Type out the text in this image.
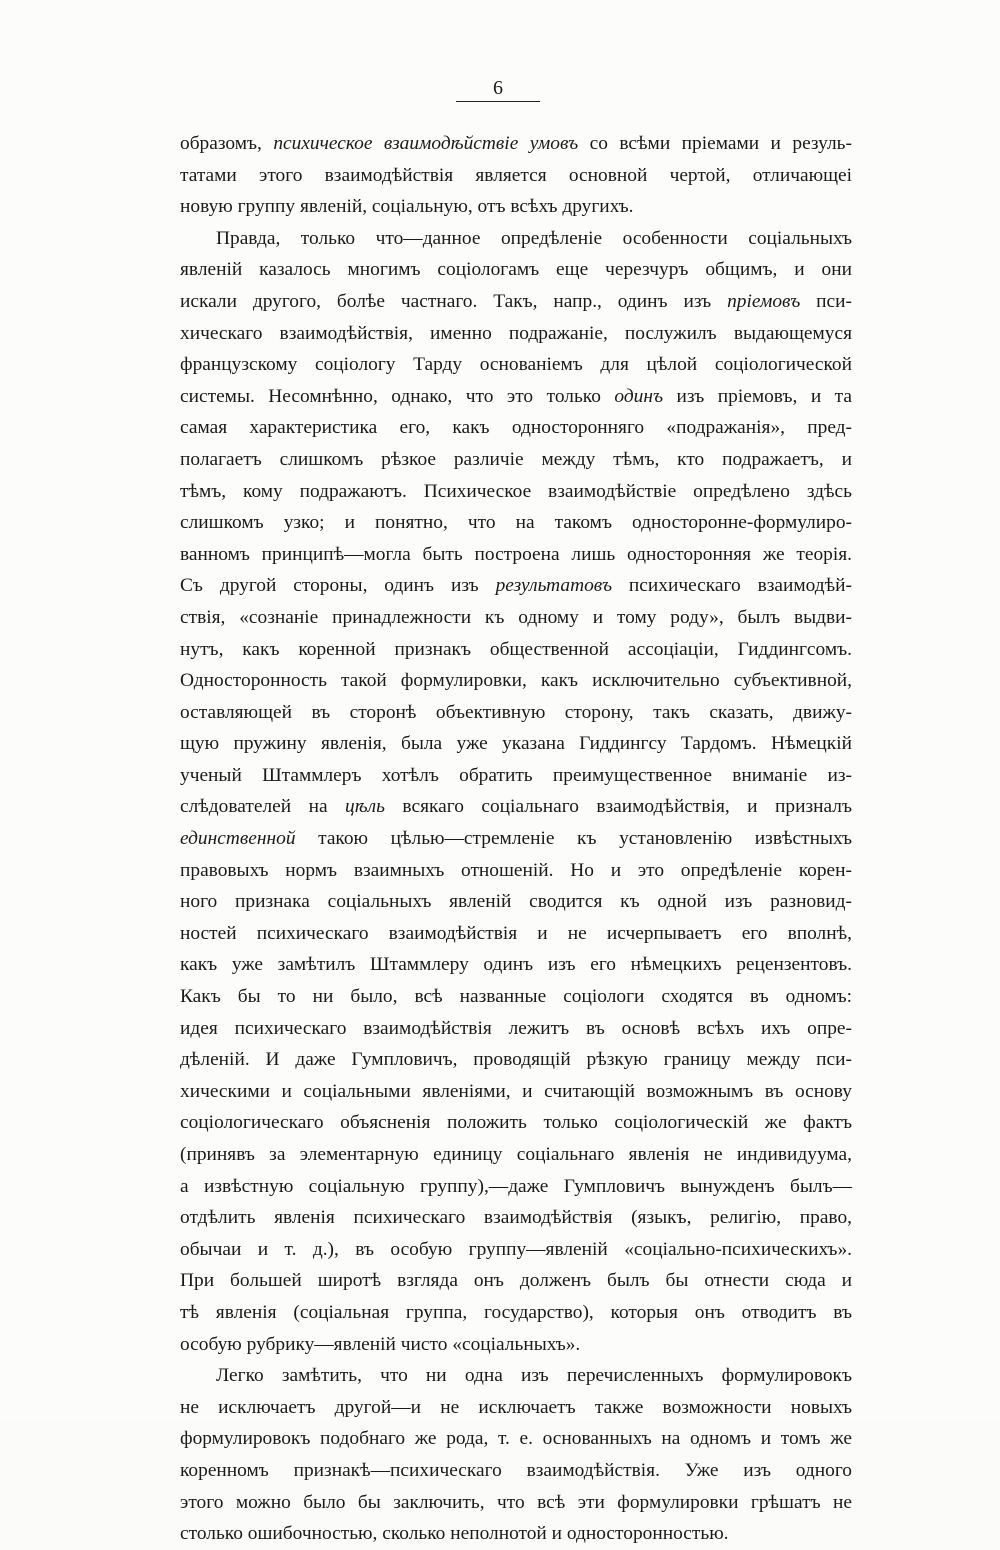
6
образомъ, психическое взаимодѣйствіе умовъ со всѣми пріемами и резуль-
татами этого взаимодѣйствія является основной чертой, отличающеі
новую группу явленій, соціальную, отъ всѣхъ другихъ.
Правда, только что—данное опредѣленіе особенности соціальныхъ
явленій казалось многимъ соціологамъ еще черезчуръ общимъ, и они
искали другого, болѣе частнаго. Такъ, напр., одинъ изъ пріемовъ пси-
хическаго взаимодѣйствія, именно подражаніе, послужилъ выдающемуся
французскому соціологу Тарду основаніемъ для цѣлой соціологической
системы. Несомнѣнно, однако, что это только одинъ изъ пріемовъ, и та
самая характеристика его, какъ односторонняго «подражанія», пред-
полагаетъ слишкомъ рѣзкое различіе между тѣмъ, кто подражаетъ, и
тѣмъ, кому подражаютъ. Психическое взаимодѣйствіе опредѣлено здѣсь
слишкомъ узко; и понятно, что на такомъ односторонне-формулиро-
ванномъ принципѣ—могла быть построена лишь односторонняя же теорія.
Съ другой стороны, одинъ изъ результатовъ психическаго взаимодѣй-
ствія, «сознаніе принадлежности къ одному и тому роду», былъ выдви-
нутъ, какъ коренной признакъ общественной ассоціаціи, Гиддингсомъ.
Односторонность такой формулировки, какъ исключительно субъективной,
оставляющей въ сторонѣ объективную сторону, такъ сказать, движу-
щую пружину явленія, была уже указана Гиддингсу Тардомъ. Нѣмецкій
ученый Штаммлеръ хотѣлъ обратить преимущественное вниманіе из-
слѣдователей на цѣль всякаго соціальнаго взаимодѣйствія, и призналъ
единственной такою цѣлью—стремленіе къ установленію извѣстныхъ
правовыхъ нормъ взаимныхъ отношеній. Но и это опредѣленіе корен-
ного признака соціальныхъ явленій сводится къ одной изъ разновид-
ностей психическаго взаимодѣйствія и не исчерпываетъ его вполнѣ,
какъ уже замѣтилъ Штаммлеру одинъ изъ его нѣмецкихъ рецензентовъ.
Какъ бы то ни было, всѣ названные соціологи сходятся въ одномъ:
идея психическаго взаимодѣйствія лежитъ въ основѣ всѣхъ ихъ опре-
дѣленій. И даже Гумпловичъ, проводящій рѣзкую границу между пси-
хическими и соціальными явленіями, и считающій возможнымъ въ основу
соціологическаго объясненія положить только соціологическій же фактъ
(принявъ за элементарную единицу соціальнаго явленія не индивидуума,
а извѣстную соціальную группу),—даже Гумпловичъ вынужденъ былъ—
отдѣлить явленія психическаго взаимодѣйствія (языкъ, религію, право,
обычаи и т. д.), въ особую группу—явленій «соціально-психическихъ».
При большей широтѣ взгляда онъ долженъ былъ бы отнести сюда и
тѣ явленія (соціальная группа, государство), которыя онъ отводитъ въ
особую рубрику—явленій чисто «соціальныхъ».
Легко замѣтить, что ни одна изъ перечисленныхъ формулировокъ
не исключаетъ другой—и не исключаетъ также возможности новыхъ
формулировокъ подобнаго же рода, т. е. основанныхъ на одномъ и томъ же
коренномъ признакѣ—психическаго взаимодѣйствія. Уже изъ одного
этого можно было бы заключить, что всѣ эти формулировки грѣшатъ не
столько ошибочностью, сколько неполнотой и односторонностью.
